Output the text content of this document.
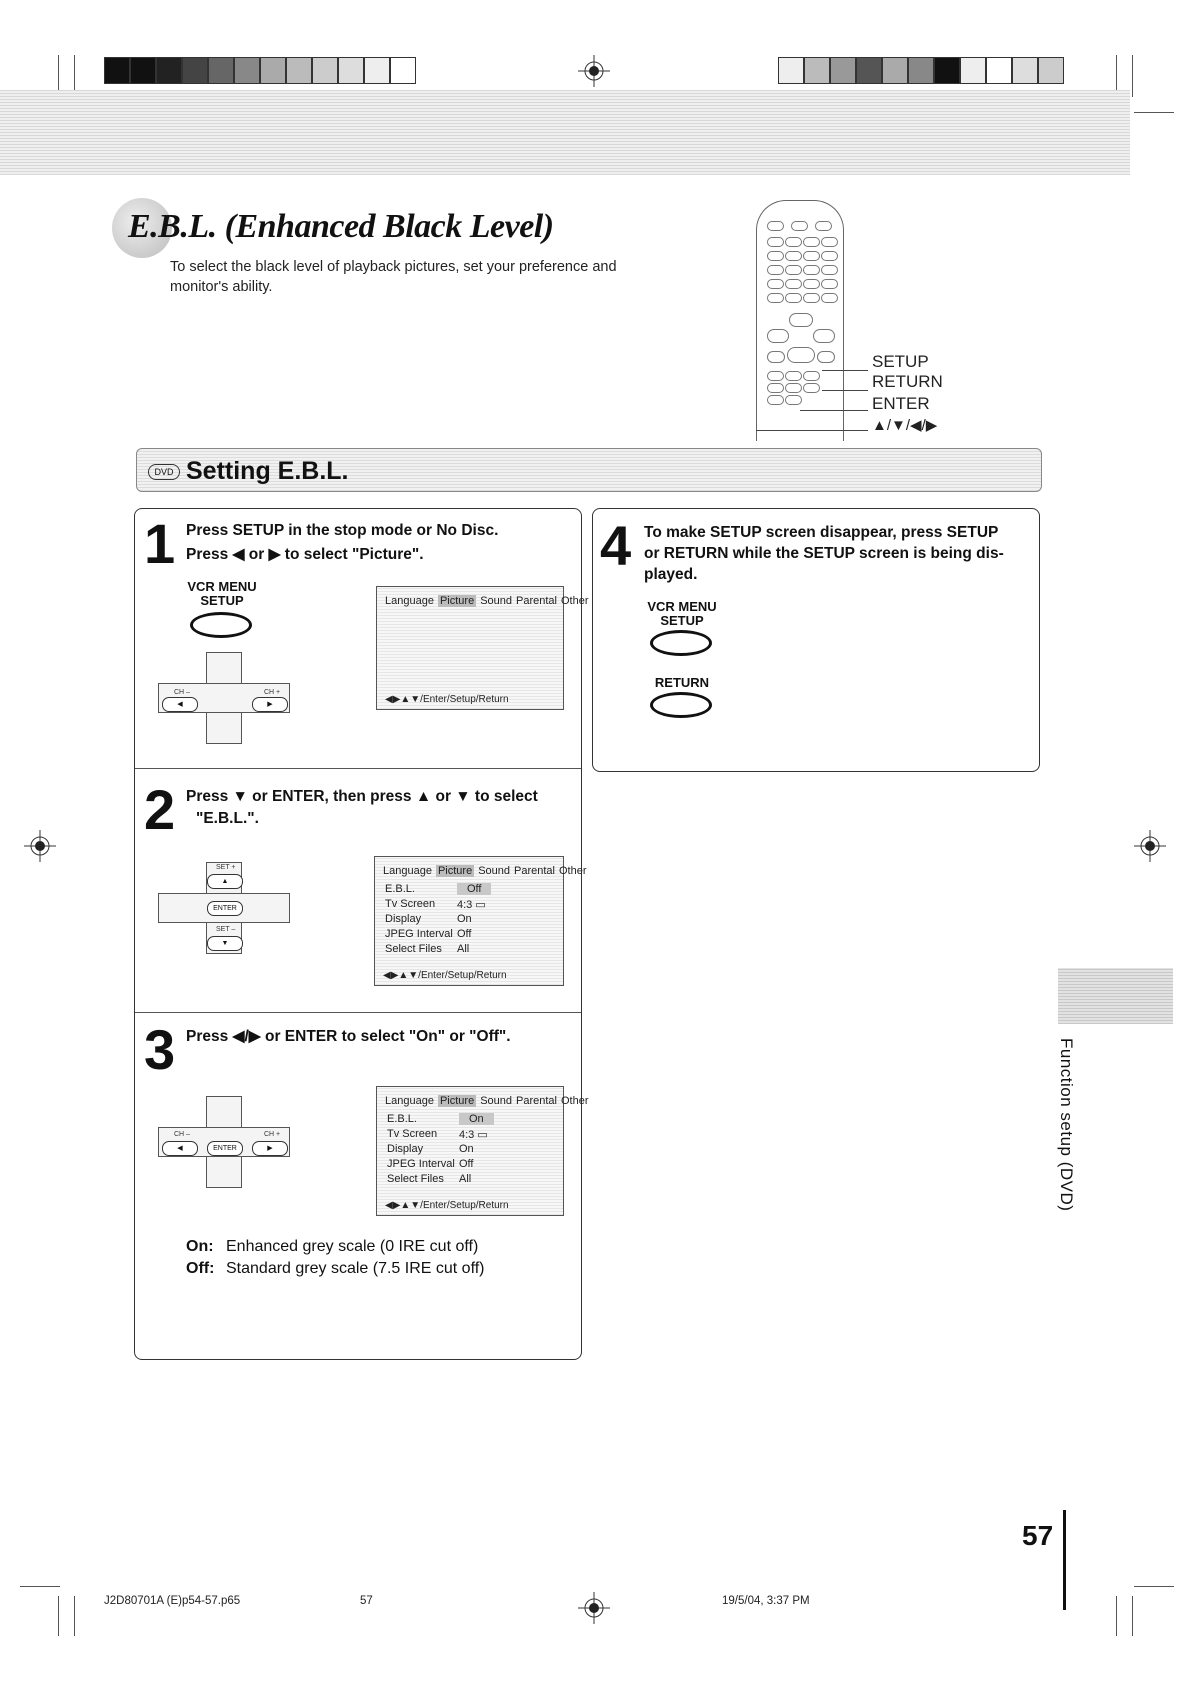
E.B.L. (Enhanced Black Level)
To select the black level of playback pictures, set your preference and monitor's ability.
SETUP
RETURN
ENTER
▲/▼/◀/▶
DVD Setting E.B.L.
1 Press SETUP in the stop mode or No Disc.
Press ◀ or ▶ to select "Picture".
VCR MENU
SETUP
CH –	CH +
◀	▶
Language Picture Sound Parental Other
◀▶▲▼/Enter/Setup/Return
2 Press ▼ or ENTER, then press ▲ or ▼ to select
"E.B.L.".
SET +
▲
ENTER
SET –
▼
Language Picture Sound Parental Other
E.B.L.	Off
Tv Screen	4:3 ▭
Display	On
JPEG Interval Off
Select Files	All
◀▶▲▼/Enter/Setup/Return
3 Press ◀/▶ or ENTER to select "On" or "Off".
CH –	CH +
◀	ENTER	▶
Language Picture Sound Parental Other
E.B.L.	On
Tv Screen	4:3 ▭
Display	On
JPEG Interval Off
Select Files	All
◀▶▲▼/Enter/Setup/Return
On: Enhanced grey scale (0 IRE cut off)
Off: Standard grey scale (7.5 IRE cut off)
4 To make SETUP screen disappear, press SETUP
or RETURN while the SETUP screen is being dis-
played.
VCR MENU
SETUP
RETURN
Function setup (DVD)
57
J2D80701A (E)p54-57.p65	57	19/5/04, 3:37 PM
